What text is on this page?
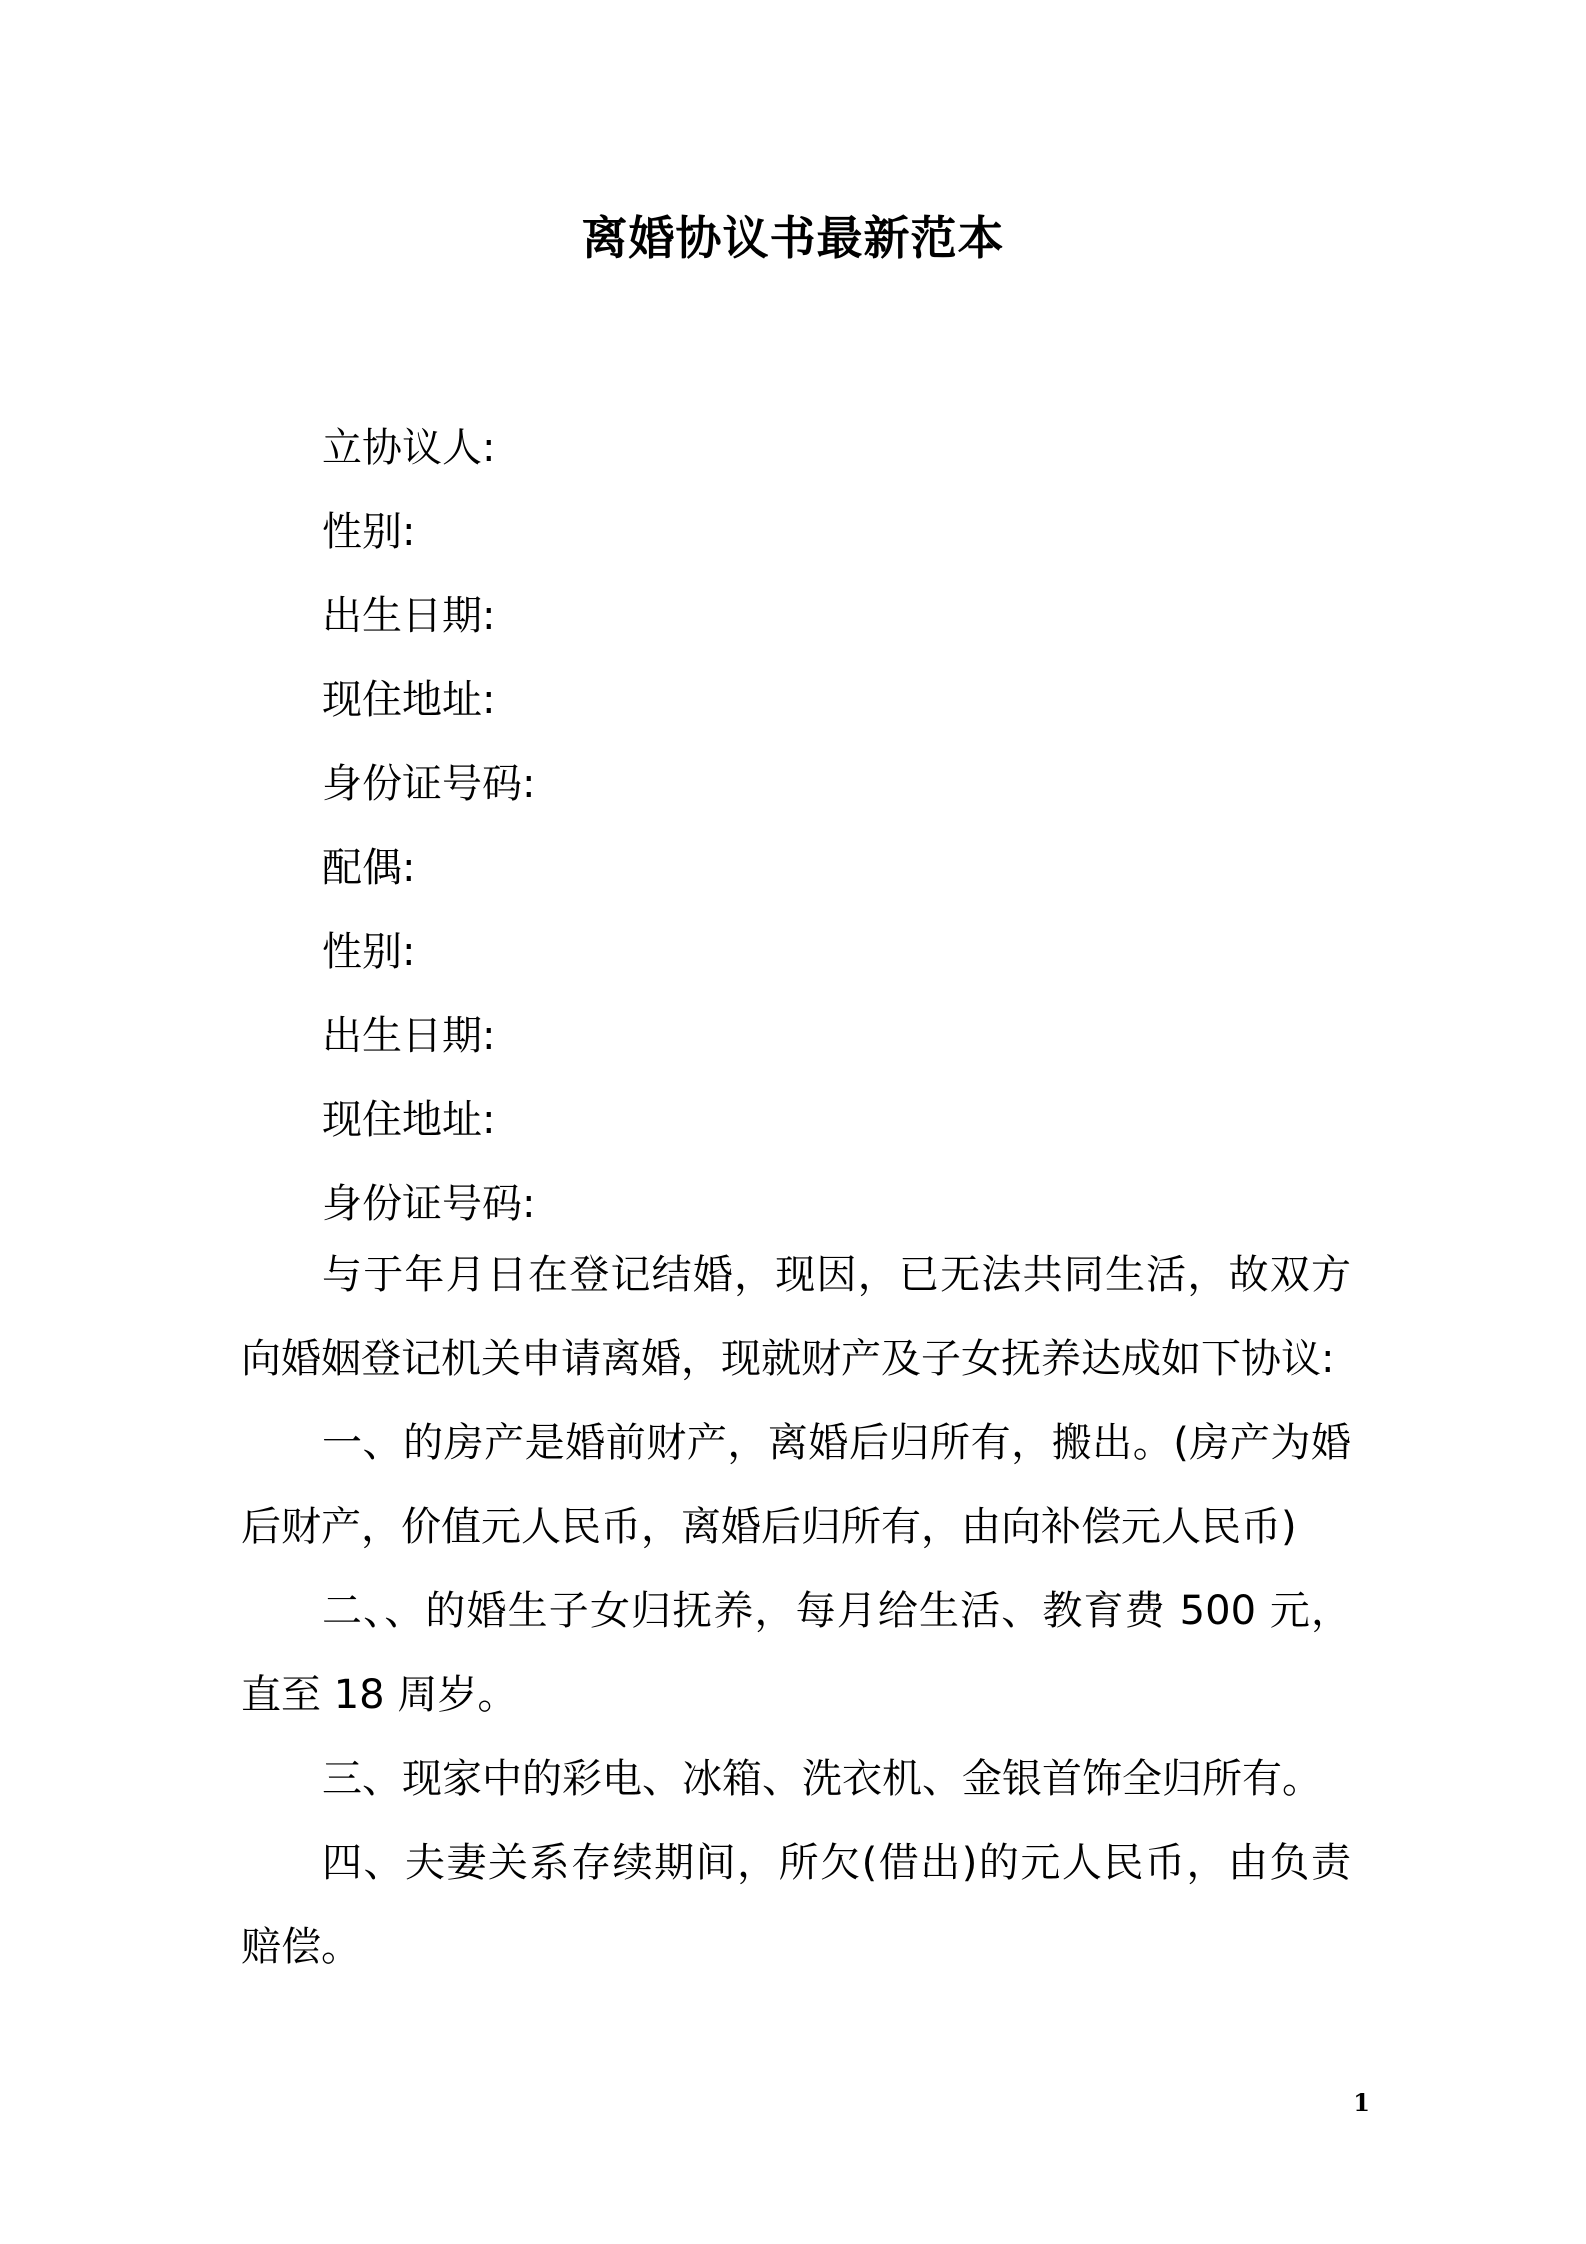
离婚协议书最新范本
立协议人:
性别:
出生日期:
现住地址:
身份证号码:
配偶:
性别:
出生日期:
现住地址:
身份证号码:

与于年月日在登记结婚，现因，已无法共同生活，故双方向婚姻登记机关申请离婚，现就财产及子女抚养达成如下协议:

一、的房产是婚前财产，离婚后归所有，搬出。(房产为婚后财产，价值元人民币，离婚后归所有，由向补偿元人民币)

二、、的婚生子女归抚养，每月给生活、教育费 500 元，直至 18 周岁。

三、现家中的彩电、冰箱、洗衣机、金银首饰全归所有。

四、夫妻关系存续期间，所欠(借出)的元人民币，由负责赔偿。

1
